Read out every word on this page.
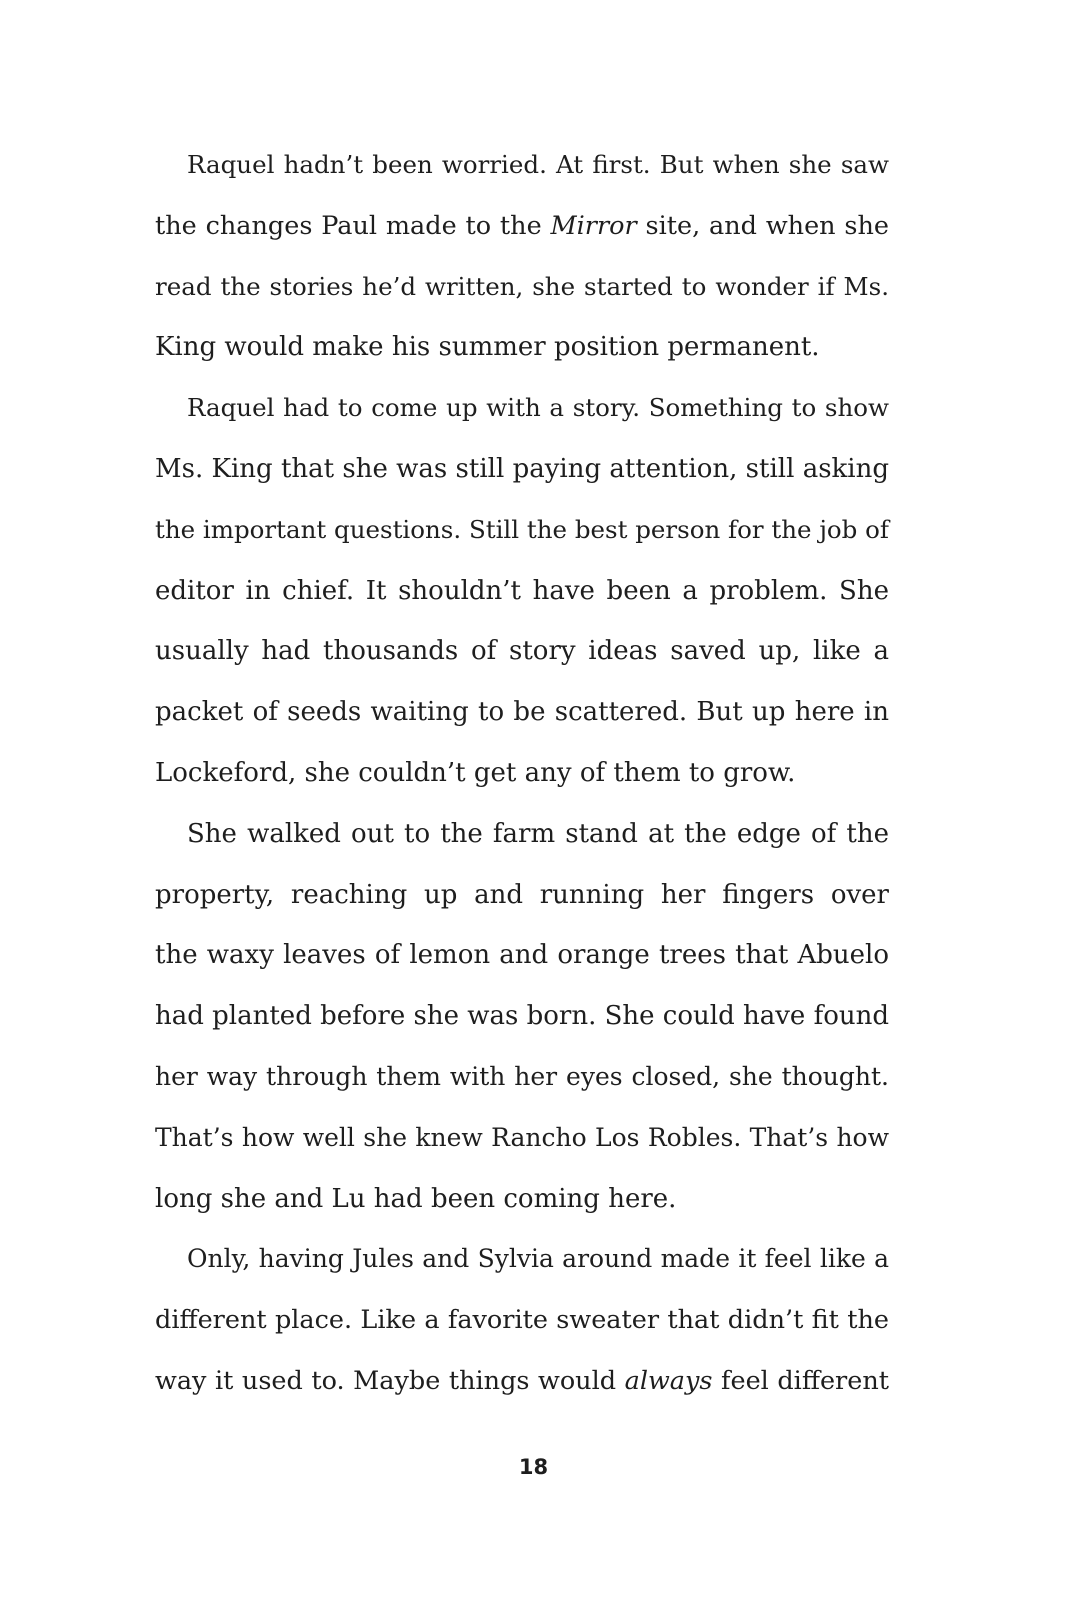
Raquel hadn’t been worried. At first. But when she saw
the changes Paul made to the Mirror site, and when she
read the stories he’d written, she started to wonder if Ms.
King would make his summer position permanent.
Raquel had to come up with a story. Something to show
Ms. King that she was still paying attention, still asking
the important questions. Still the best person for the job of
editor in chief. It shouldn’t have been a problem. She
usually had thousands of story ideas saved up, like a
packet of seeds waiting to be scattered. But up here in
Lockeford, she couldn’t get any of them to grow.
She walked out to the farm stand at the edge of the
property, reaching up and running her fingers over
the waxy leaves of lemon and orange trees that Abuelo
had planted before she was born. She could have found
her way through them with her eyes closed, she thought.
That’s how well she knew Rancho Los Robles. That’s how
long she and Lu had been coming here.
Only, having Jules and Sylvia around made it feel like a
different place. Like a favorite sweater that didn’t fit the
way it used to. Maybe things would always feel different
18
